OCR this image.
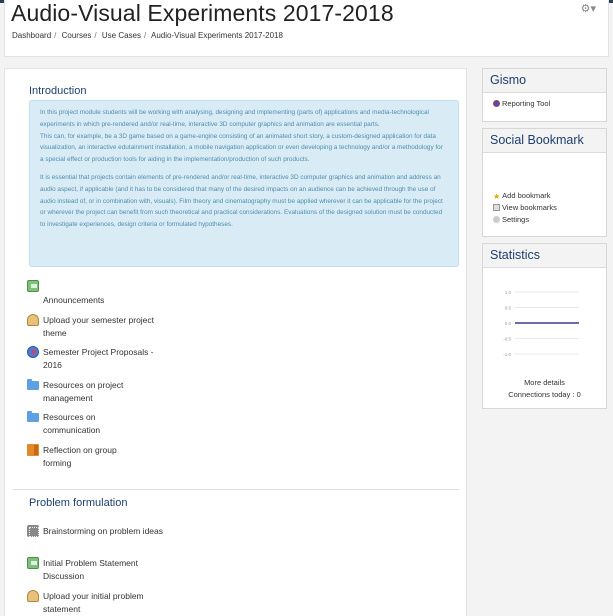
Audio-Visual Experiments 2017-2018	⚙▾
Dashboard / Courses / Use Cases / Audio-Visual Experiments 2017-2018
Introduction

In this project module students will be working with analysing, designing and implementing (parts of) applications and media-technological experiments in which pre-rendered and/or real-time, interactive 3D computer graphics and animation are essential parts.

This can, for example, be a 3D game based on a game-engine consisting of an animated short story, a custom-designed application for data visualization, an interactive edutainment installation, a mobile navigation application or even developing a technology and/or a methodology for a special effect or production tools for aiding in the implementation/production of such products.

It is essential that projects contain elements of pre-rendered and/or real-time, interactive 3D computer graphics and animation and address an audio aspect, if applicable (and it has to be considered that many of the desired impacts on an audience can be achieved through the use of audio instead of, or in combination with, visuals). Film theory and cinematography must be applied wherever it can be applicable for the project or wherever the project can benefit from such theoretical and practical considerations. Evaluations of the designed solution must be conducted to investigate experiences, design criteria or formulated hypotheses.

Announcements
Upload your semester project theme
Semester Project Proposals - 2016
Resources on project management
Resources on communication
Reflection on group forming
Problem formulation
Brainstorming on problem ideas
Initial Problem Statement Discussion
Upload your initial problem statement
Gismo
Reporting Tool
Social Bookmark
★ Add bookmark
View bookmarks
Settings
Statistics
1.0
0.5
0.0
-0.5
-1.0
More details
Connections today : 0
